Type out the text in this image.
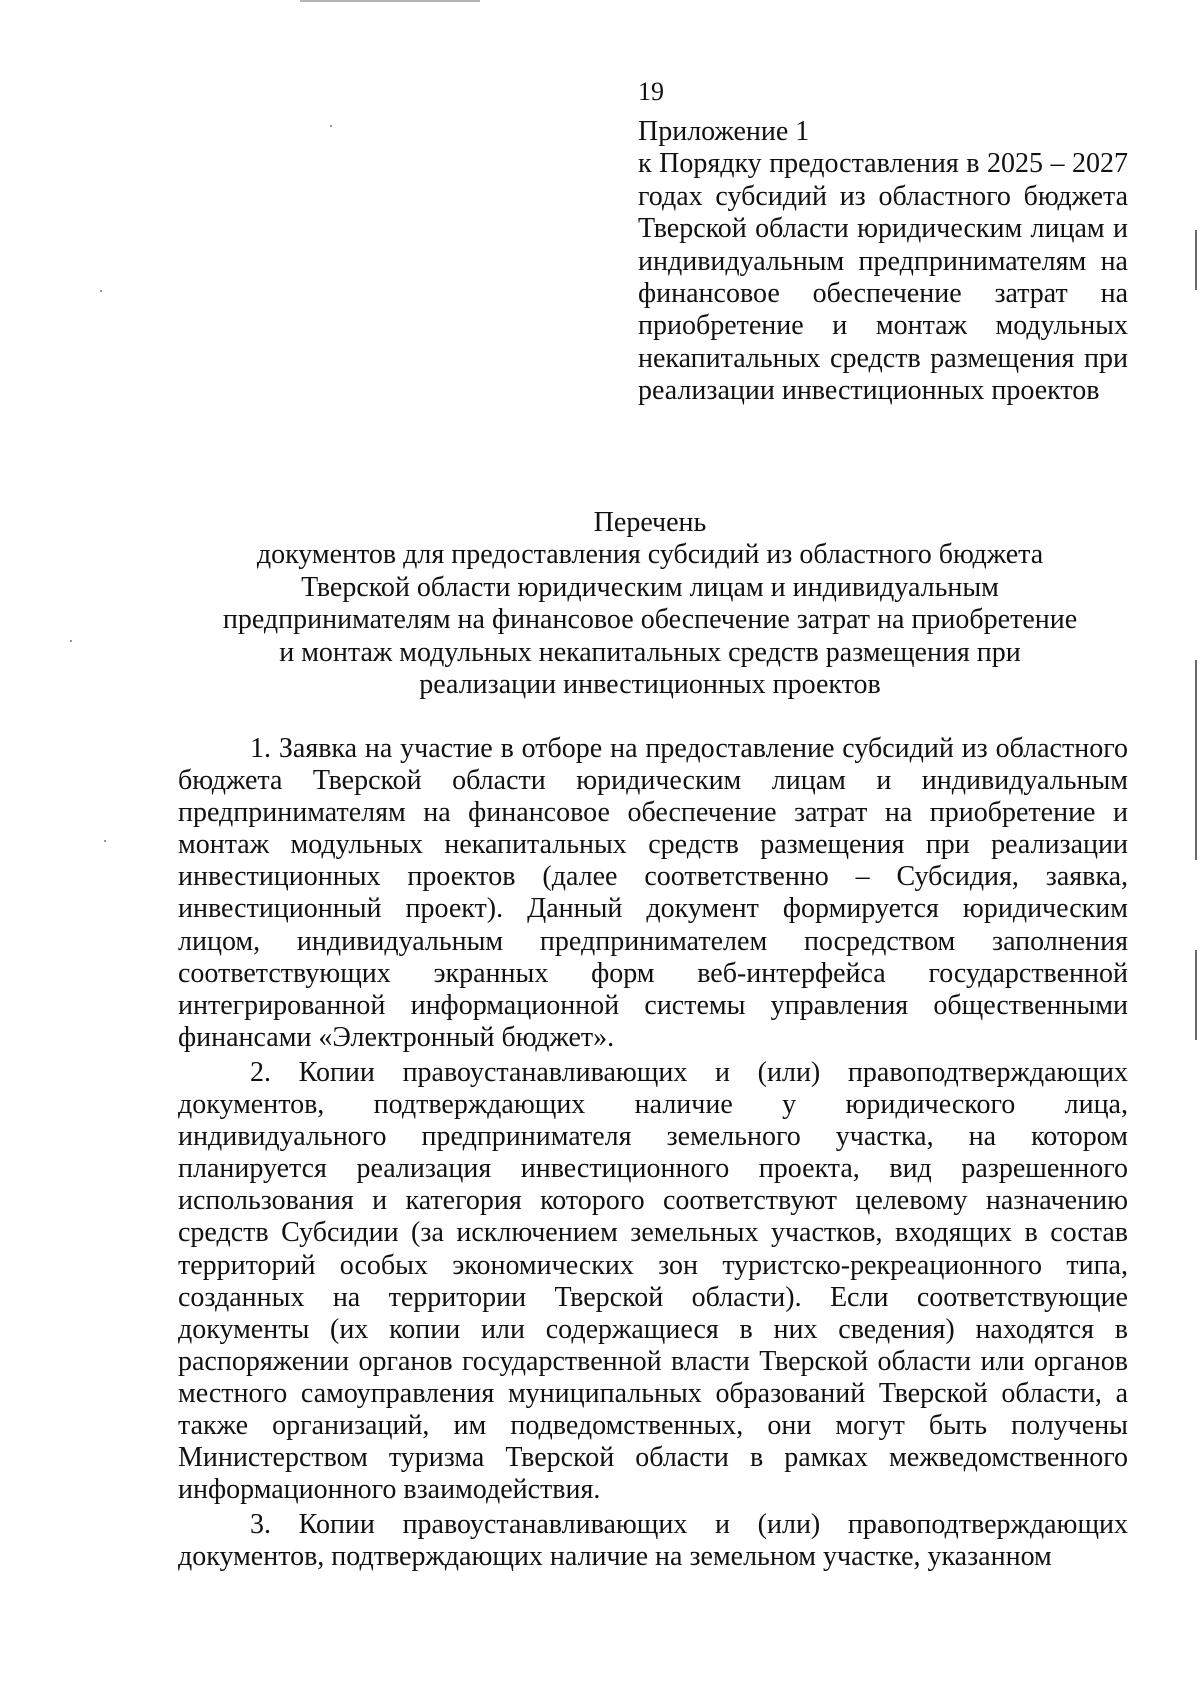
19
Приложение 1
к Порядку предоставления в 2025 – 2027 годах субсидий из областного бюджета Тверской области юридическим лицам и индивидуальным предпринимателям на финансовое обеспечение затрат на приобретение и монтаж модульных некапитальных средств размещения при реализации инвестиционных проектов
Перечень
документов для предоставления субсидий из областного бюджета Тверской области юридическим лицам и индивидуальным предпринимателям на финансовое обеспечение затрат на приобретение и монтаж модульных некапитальных средств размещения при реализации инвестиционных проектов

1. Заявка на участие в отборе на предоставление субсидий из областного бюджета Тверской области юридическим лицам и индивидуальным предпринимателям на финансовое обеспечение затрат на приобретение и монтаж модульных некапитальных средств размещения при реализации инвестиционных проектов (далее соответственно – Субсидия, заявка, инвестиционный проект). Данный документ формируется юридическим лицом, индивидуальным предпринимателем посредством заполнения соответствующих экранных форм веб-интерфейса государственной интегрированной информационной системы управления общественными финансами «Электронный бюджет».

2. Копии правоустанавливающих и (или) правоподтверждающих документов, подтверждающих наличие у юридического лица, индивидуального предпринимателя земельного участка, на котором планируется реализация инвестиционного проекта, вид разрешенного использования и категория которого соответствуют целевому назначению средств Субсидии (за исключением земельных участков, входящих в состав территорий особых экономических зон туристско-рекреационного типа, созданных на территории Тверской области). Если соответствующие документы (их копии или содержащиеся в них сведения) находятся в распоряжении органов государственной власти Тверской области или органов местного самоуправления муниципальных образований Тверской области, а также организаций, им подведомственных, они могут быть получены Министерством туризма Тверской области в рамках межведомственного информационного взаимодействия.

3. Копии правоустанавливающих и (или) правоподтверждающих документов, подтверждающих наличие на земельном участке, указанном
